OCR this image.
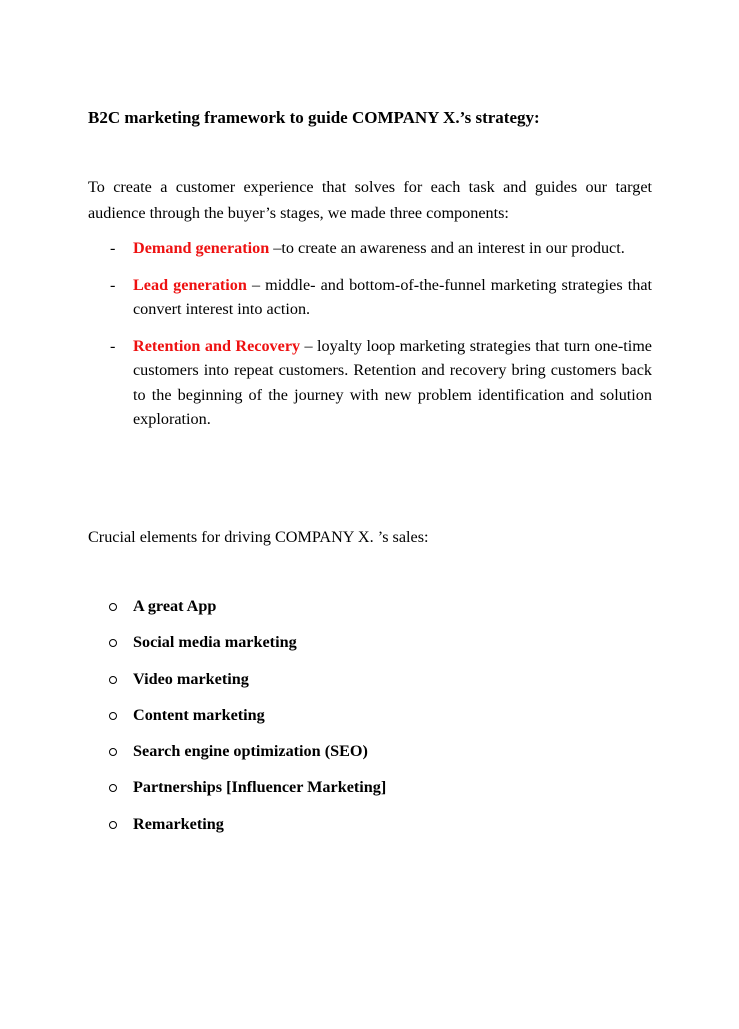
B2C marketing framework to guide COMPANY X.’s strategy:
To create a customer experience that solves for each task and guides our target audience through the buyer’s stages, we made three components:
- Demand generation –to create an awareness and an interest in our product.
- Lead generation – middle- and bottom-of-the-funnel marketing strategies that convert interest into action.
- Retention and Recovery – loyalty loop marketing strategies that turn one-time customers into repeat customers. Retention and recovery bring customers back to the beginning of the journey with new problem identification and solution exploration.
Crucial elements for driving COMPANY X. ’s sales:
A great App
Social media marketing
Video marketing
Content marketing
Search engine optimization (SEO)
Partnerships [Influencer Marketing]
Remarketing
